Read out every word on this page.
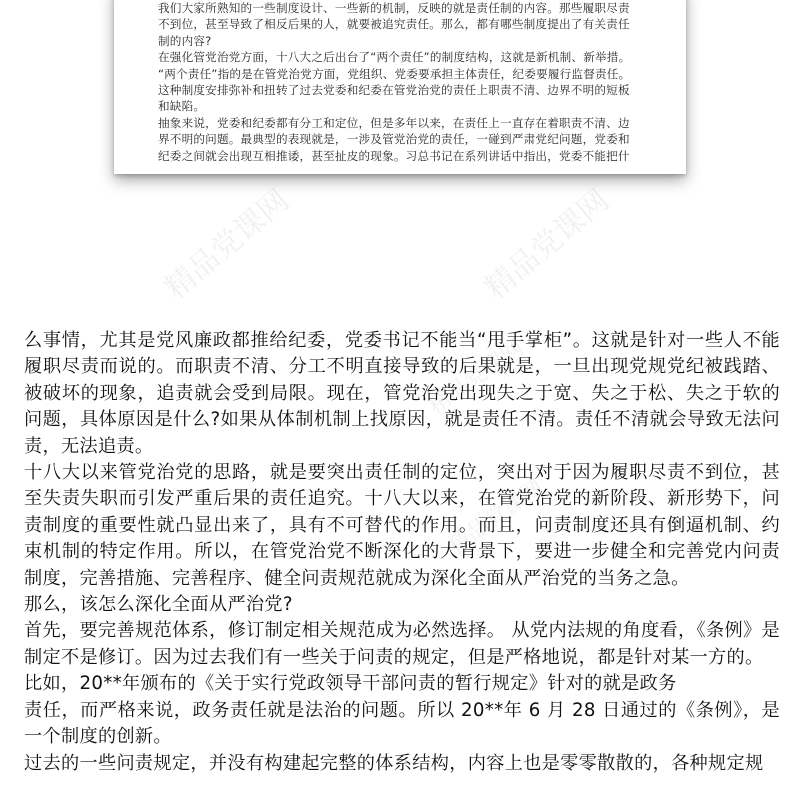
我们大家所熟知的一些制度设计、一些新的机制，反映的就是责任制的内容。那些履职尽责

不到位，甚至导致了相反后果的人，就要被追究责任。那么，都有哪些制度提出了有关责任

制的内容?

在强化管党治党方面，十八大之后出台了“两个责任”的制度结构，这就是新机制、新举措。

“两个责任”指的是在管党治党方面，党组织、党委要承担主体责任，纪委要履行监督责任。

这种制度安排弥补和扭转了过去党委和纪委在管党治党的责任上职责不清、边界不明的短板

和缺陷。

抽象来说，党委和纪委都有分工和定位，但是多年以来，在责任上一直存在着职责不清、边

界不明的问题。最典型的表现就是，一涉及管党治党的责任，一碰到严肃党纪问题，党委和

纪委之间就会出现互相推诿，甚至扯皮的现象。习总书记在系列讲话中指出，党委不能把什

精品党课网
精品党课网

么事情，尤其是党风廉政都推给纪委，党委书记不能当“甩手掌柜”。这就是针对一些人不能履职尽责而说的。而职责不清、分工不明直接导致的后果就是，一旦出现党规党纪被践踏、被破坏的现象，追责就会受到局限。现在，管党治党出现失之于宽、失之于松、失之于软的问题，具体原因是什么?如果从体制机制上找原因，就是责任不清。责任不清就会导致无法问责，无法追责。

十八大以来管党治党的思路，就是要突出责任制的定位，突出对于因为履职尽责不到位，甚至失责失职而引发严重后果的责任追究。十八大以来，在管党治党的新阶段、新形势下，问责制度的重要性就凸显出来了，具有不可替代的作用。而且，问责制度还具有倒逼机制、约束机制的特定作用。所以，在管党治党不断深化的大背景下，要进一步健全和完善党内问责制度，完善措施、完善程序、健全问责规范就成为深化全面从严治党的当务之急。

那么，该怎么深化全面从严治党?

首先，要完善规范体系，修订制定相关规范成为必然选择。 从党内法规的角度看，《条例》是制定不是修订。因为过去我们有一些关于问责的规定，但是严格地说，都是针对某一方的。

比如，20**年颁布的《关于实行党政领导干部问责的暂行规定》针对的就是政务

责任，而严格来说，政务责任就是法治的问题。所以 20**年 6 月 28 日通过的《条例》，是一个制度的创新。

过去的一些问责规定，并没有构建起完整的体系结构，内容上也是零零散散的，各种规定规
